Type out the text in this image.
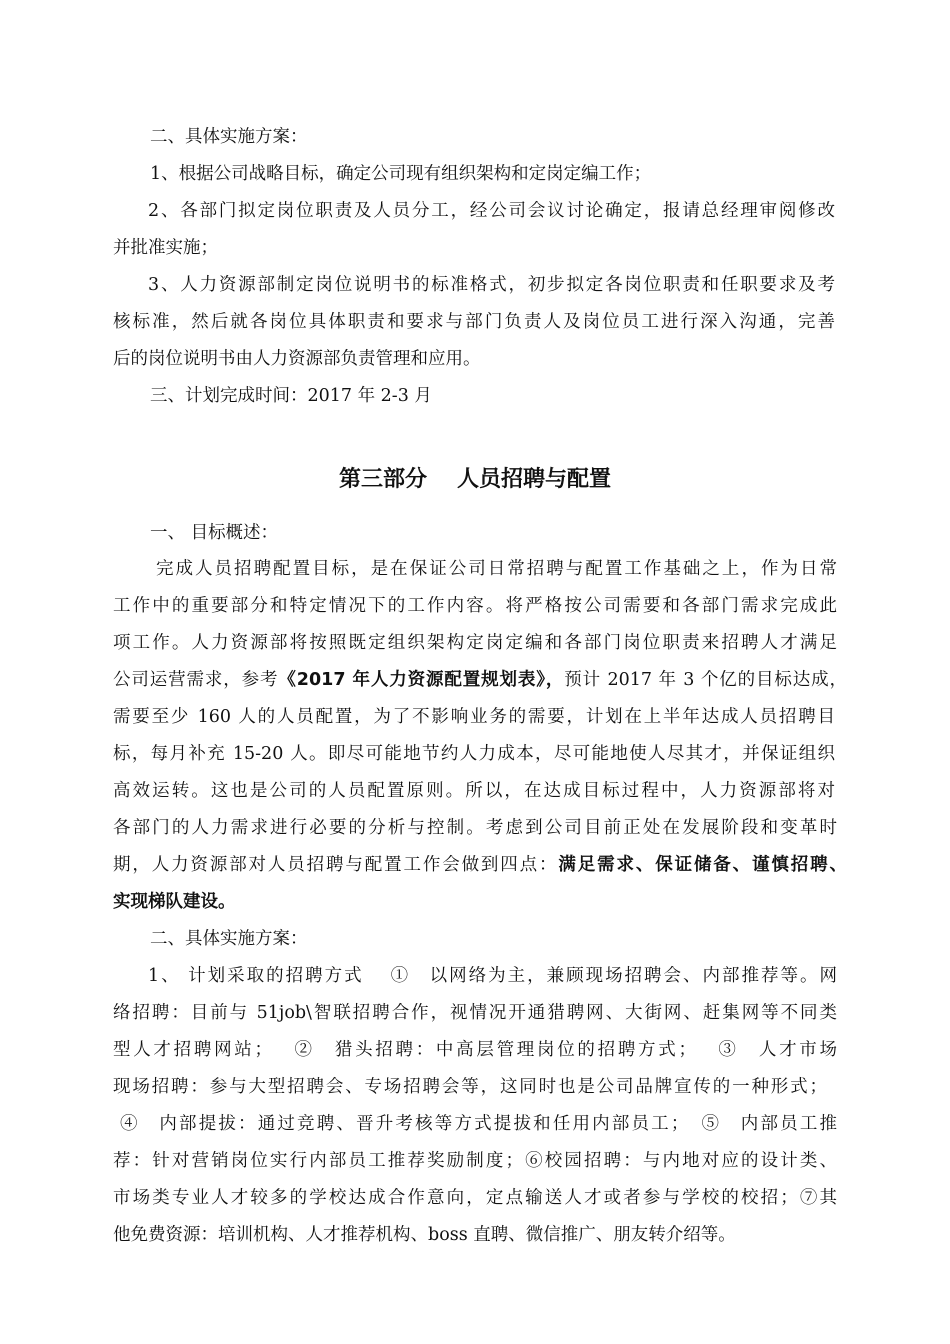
二、具体实施方案：
1、根据公司战略目标，确定公司现有组织架构和定岗定编工作；
2、各部门拟定岗位职责及人员分工，经公司会议讨论确定，报请总经理审阅修改
并批准实施；
3、人力资源部制定岗位说明书的标准格式，初步拟定各岗位职责和任职要求及考
核标准，然后就各岗位具体职责和要求与部门负责人及岗位员工进行深入沟通，完善
后的岗位说明书由人力资源部负责管理和应用。
三、计划完成时间：2017 年 2-3 月
第三部分 人员招聘与配置
一、 目标概述：
完成人员招聘配置目标，是在保证公司日常招聘与配置工作基础之上，作为日常
工作中的重要部分和特定情况下的工作内容。将严格按公司需要和各部门需求完成此
项工作。人力资源部将按照既定组织架构定岗定编和各部门岗位职责来招聘人才满足
公司运营需求，参考《2017 年人力资源配置规划表》，预计 2017 年 3 个亿的目标达成，
需要至少 160 人的人员配置，为了不影响业务的需要，计划在上半年达成人员招聘目
标，每月补充 15-20 人。即尽可能地节约人力成本，尽可能地使人尽其才，并保证组织
高效运转。这也是公司的人员配置原则。所以，在达成目标过程中，人力资源部将对
各部门的人力需求进行必要的分析与控制。考虑到公司目前正处在发展阶段和变革时
期，人力资源部对人员招聘与配置工作会做到四点：满足需求、保证储备、谨慎招聘、
实现梯队建设。
二、具体实施方案：
1、 计划采取的招聘方式　 ①　以网络为主，兼顾现场招聘会、内部推荐等。网
络招聘：目前与 51job\智联招聘合作，视情况开通猎聘网、大街网、赶集网等不同类
型人才招聘网站；　 ②　猎头招聘：中高层管理岗位的招聘方式；　 ③　人才市场
现场招聘：参与大型招聘会、专场招聘会等，这同时也是公司品牌宣传的一种形式；
④　内部提拔：通过竞聘、晋升考核等方式提拔和任用内部员工；　⑤　内部员工推
荐：针对营销岗位实行内部员工推荐奖励制度；⑥校园招聘：与内地对应的设计类、
市场类专业人才较多的学校达成合作意向，定点输送人才或者参与学校的校招；⑦其
他免费资源：培训机构、人才推荐机构、boss 直聘、微信推广、朋友转介绍等。
